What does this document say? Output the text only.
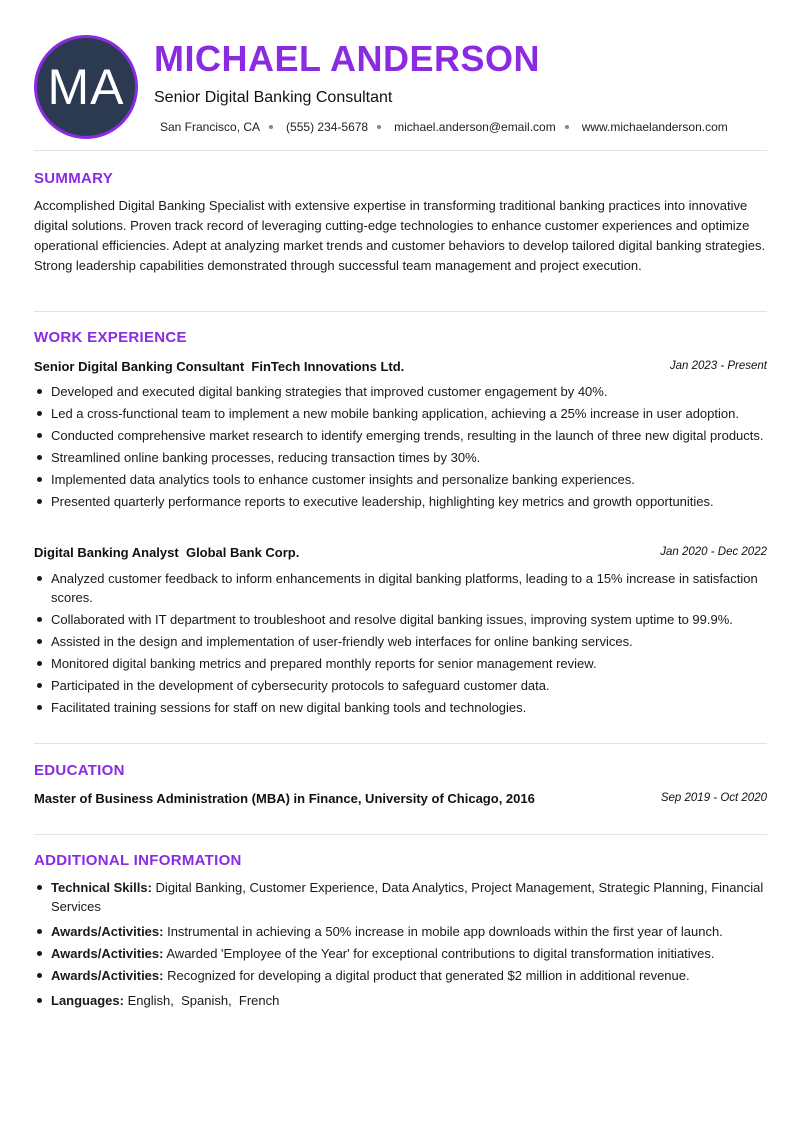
MA
MICHAEL ANDERSON
Senior Digital Banking Consultant
San Francisco, CA (555) 234-5678 michael.anderson@email.com www.michaelanderson.com
SUMMARY
Accomplished Digital Banking Specialist with extensive expertise in transforming traditional banking practices into innovative digital solutions. Proven track record of leveraging cutting-edge technologies to enhance customer experiences and optimize operational efficiencies. Adept at analyzing market trends and customer behaviors to develop tailored digital banking strategies. Strong leadership capabilities demonstrated through successful team management and project execution.
WORK EXPERIENCE
Senior Digital Banking Consultant FinTech Innovations Ltd.	Jan 2023 - Present
Developed and executed digital banking strategies that improved customer engagement by 40%.
Led a cross-functional team to implement a new mobile banking application, achieving a 25% increase in user adoption.
Conducted comprehensive market research to identify emerging trends, resulting in the launch of three new digital products.
Streamlined online banking processes, reducing transaction times by 30%.
Implemented data analytics tools to enhance customer insights and personalize banking experiences.
Presented quarterly performance reports to executive leadership, highlighting key metrics and growth opportunities.
Digital Banking Analyst Global Bank Corp.	Jan 2020 - Dec 2022
Analyzed customer feedback to inform enhancements in digital banking platforms, leading to a 15% increase in satisfaction scores.
Collaborated with IT department to troubleshoot and resolve digital banking issues, improving system uptime to 99.9%.
Assisted in the design and implementation of user-friendly web interfaces for online banking services.
Monitored digital banking metrics and prepared monthly reports for senior management review.
Participated in the development of cybersecurity protocols to safeguard customer data.
Facilitated training sessions for staff on new digital banking tools and technologies.
EDUCATION
Master of Business Administration (MBA) in Finance, University of Chicago, 2016	Sep 2019 - Oct 2020
ADDITIONAL INFORMATION
Technical Skills: Digital Banking, Customer Experience, Data Analytics, Project Management, Strategic Planning, Financial Services
Awards/Activities: Instrumental in achieving a 50% increase in mobile app downloads within the first year of launch.
Awards/Activities: Awarded 'Employee of the Year' for exceptional contributions to digital transformation initiatives.
Awards/Activities: Recognized for developing a digital product that generated $2 million in additional revenue.
Languages: English ,  Spanish ,  French
